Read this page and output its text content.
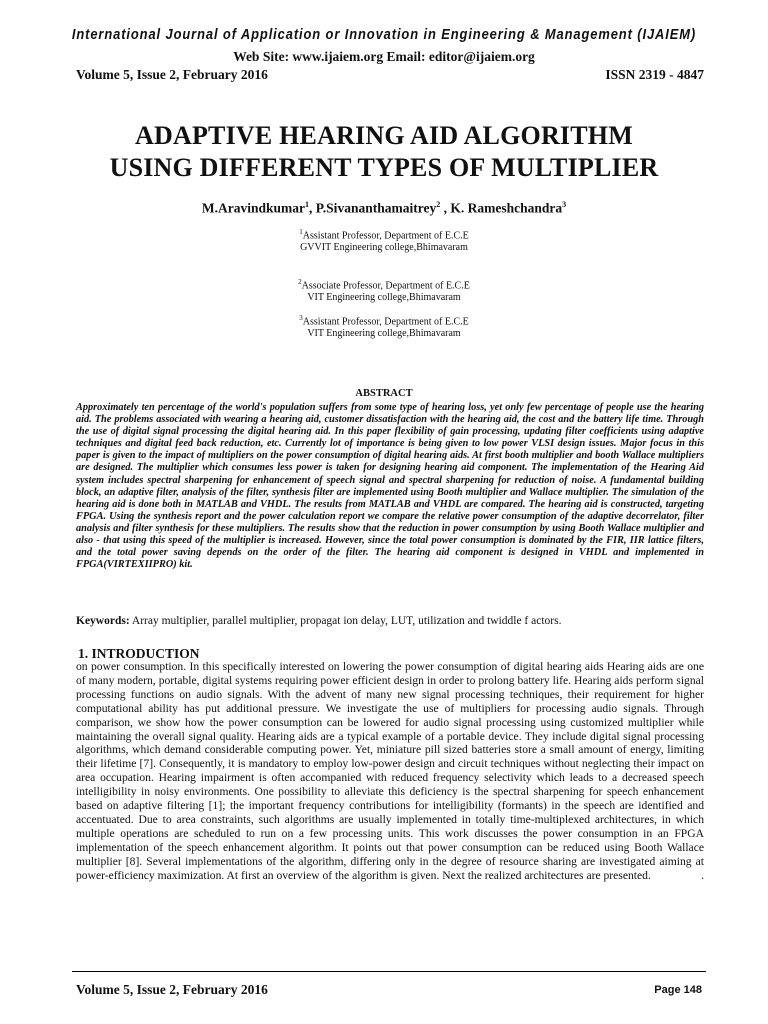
International Journal of Application or Innovation in Engineering & Management (IJAIEM)
Web Site: www.ijaiem.org Email: editor@ijaiem.org
Volume 5, Issue 2, February 2016	ISSN 2319 - 4847
ADAPTIVE HEARING AID ALGORITHM
USING DIFFERENT TYPES OF MULTIPLIER
M.Aravindkumar$^1$, P.Sivananthamaitrey$^2$ , K. Rameshchandra$^3$
$^1$Assistant Professor, Department of E.C.E
GVVIT Engineering college,Bhimavaram
$^2$Associate Professor, Department of E.C.E
VIT Engineering college,Bhimavaram
$^3$Assistant Professor, Department of E.C.E
VIT Engineering college,Bhimavaram
ABSTRACT
Approximately ten percentage of the world's population suffers from some type of hearing loss, yet only few percentage of people use the hearing aid. The problems associated with wearing a hearing aid, customer dissatisfaction with the hearing aid, the cost and the battery life time. Through the use of digital signal processing the digital hearing aid. In this paper flexibility of gain processing, updating filter coefficients using adaptive techniques and digital feed back reduction, etc. Currently lot of importance is being given to low power VLSI design issues. Major focus in this paper is given to the impact of multipliers on the power consumption of digital hearing aids. At first booth multiplier and booth Wallace multipliers are designed. The multiplier which consumes less power is taken for designing hearing aid component. The implementation of the Hearing Aid system includes spectral sharpening for enhancement of speech signal and spectral sharpening for reduction of noise. A fundamental building block, an adaptive filter, analysis of the filter, synthesis filter are implemented using Booth multiplier and Wallace multiplier. The simulation of the hearing aid is done both in MATLAB and VHDL. The results from MATLAB and VHDL are compared. The hearing aid is constructed, targeting FPGA. Using the synthesis report and the power calculation report we compare the relative power consumption of the adaptive decorrelator, filter analysis and filter synthesis for these multipliers. The results show that the reduction in power consumption by using Booth Wallace multiplier and also - that using this speed of the multiplier is increased. However, since the total power consumption is dominated by the FIR, IIR lattice filters, and the total power saving depends on the order of the filter. The hearing aid component is designed in VHDL and implemented in FPGA(VIRTEXIIPRO) kit.
Keywords: Array multiplier, parallel multiplier, propagat ion delay, LUT, utilization and twiddle f actors.
1. INTRODUCTION
on power consumption. In this specifically interested on lowering the power consumption of digital hearing aids Hearing aids are one of many modern, portable, digital systems requiring power efficient design in order to prolong battery life. Hearing aids perform signal processing functions on audio signals. With the advent of many new signal processing techniques, their requirement for higher computational ability has put additional pressure. We investigate the use of multipliers for processing audio signals. Through comparison, we show how the power consumption can be lowered for audio signal processing using customized multiplier while maintaining the overall signal quality. Hearing aids are a typical example of a portable device. They include digital signal processing algorithms, which demand considerable computing power. Yet, miniature pill sized batteries store a small amount of energy, limiting their lifetime [7]. Consequently, it is mandatory to employ low-power design and circuit techniques without neglecting their impact on area occupation. Hearing impairment is often accompanied with reduced frequency selectivity which leads to a decreased speech intelligibility in noisy environments. One possibility to alleviate this deficiency is the spectral sharpening for speech enhancement based on adaptive filtering [1]; the important frequency contributions for intelligibility (formants) in the speech are identified and accentuated. Due to area constraints, such algorithms are usually implemented in totally time-multiplexed architectures, in which multiple operations are scheduled to run on a few processing units. This work discusses the power consumption in an FPGA implementation of the speech enhancement algorithm. It points out that power consumption can be reduced using Booth Wallace multiplier [8]. Several implementations of the algorithm, differing only in the degree of resource sharing are investigated aiming at power-efficiency maximization. At first an overview of the algorithm is given. Next the realized architectures are presented.	.
Volume 5, Issue 2, February 2016	Page 148
